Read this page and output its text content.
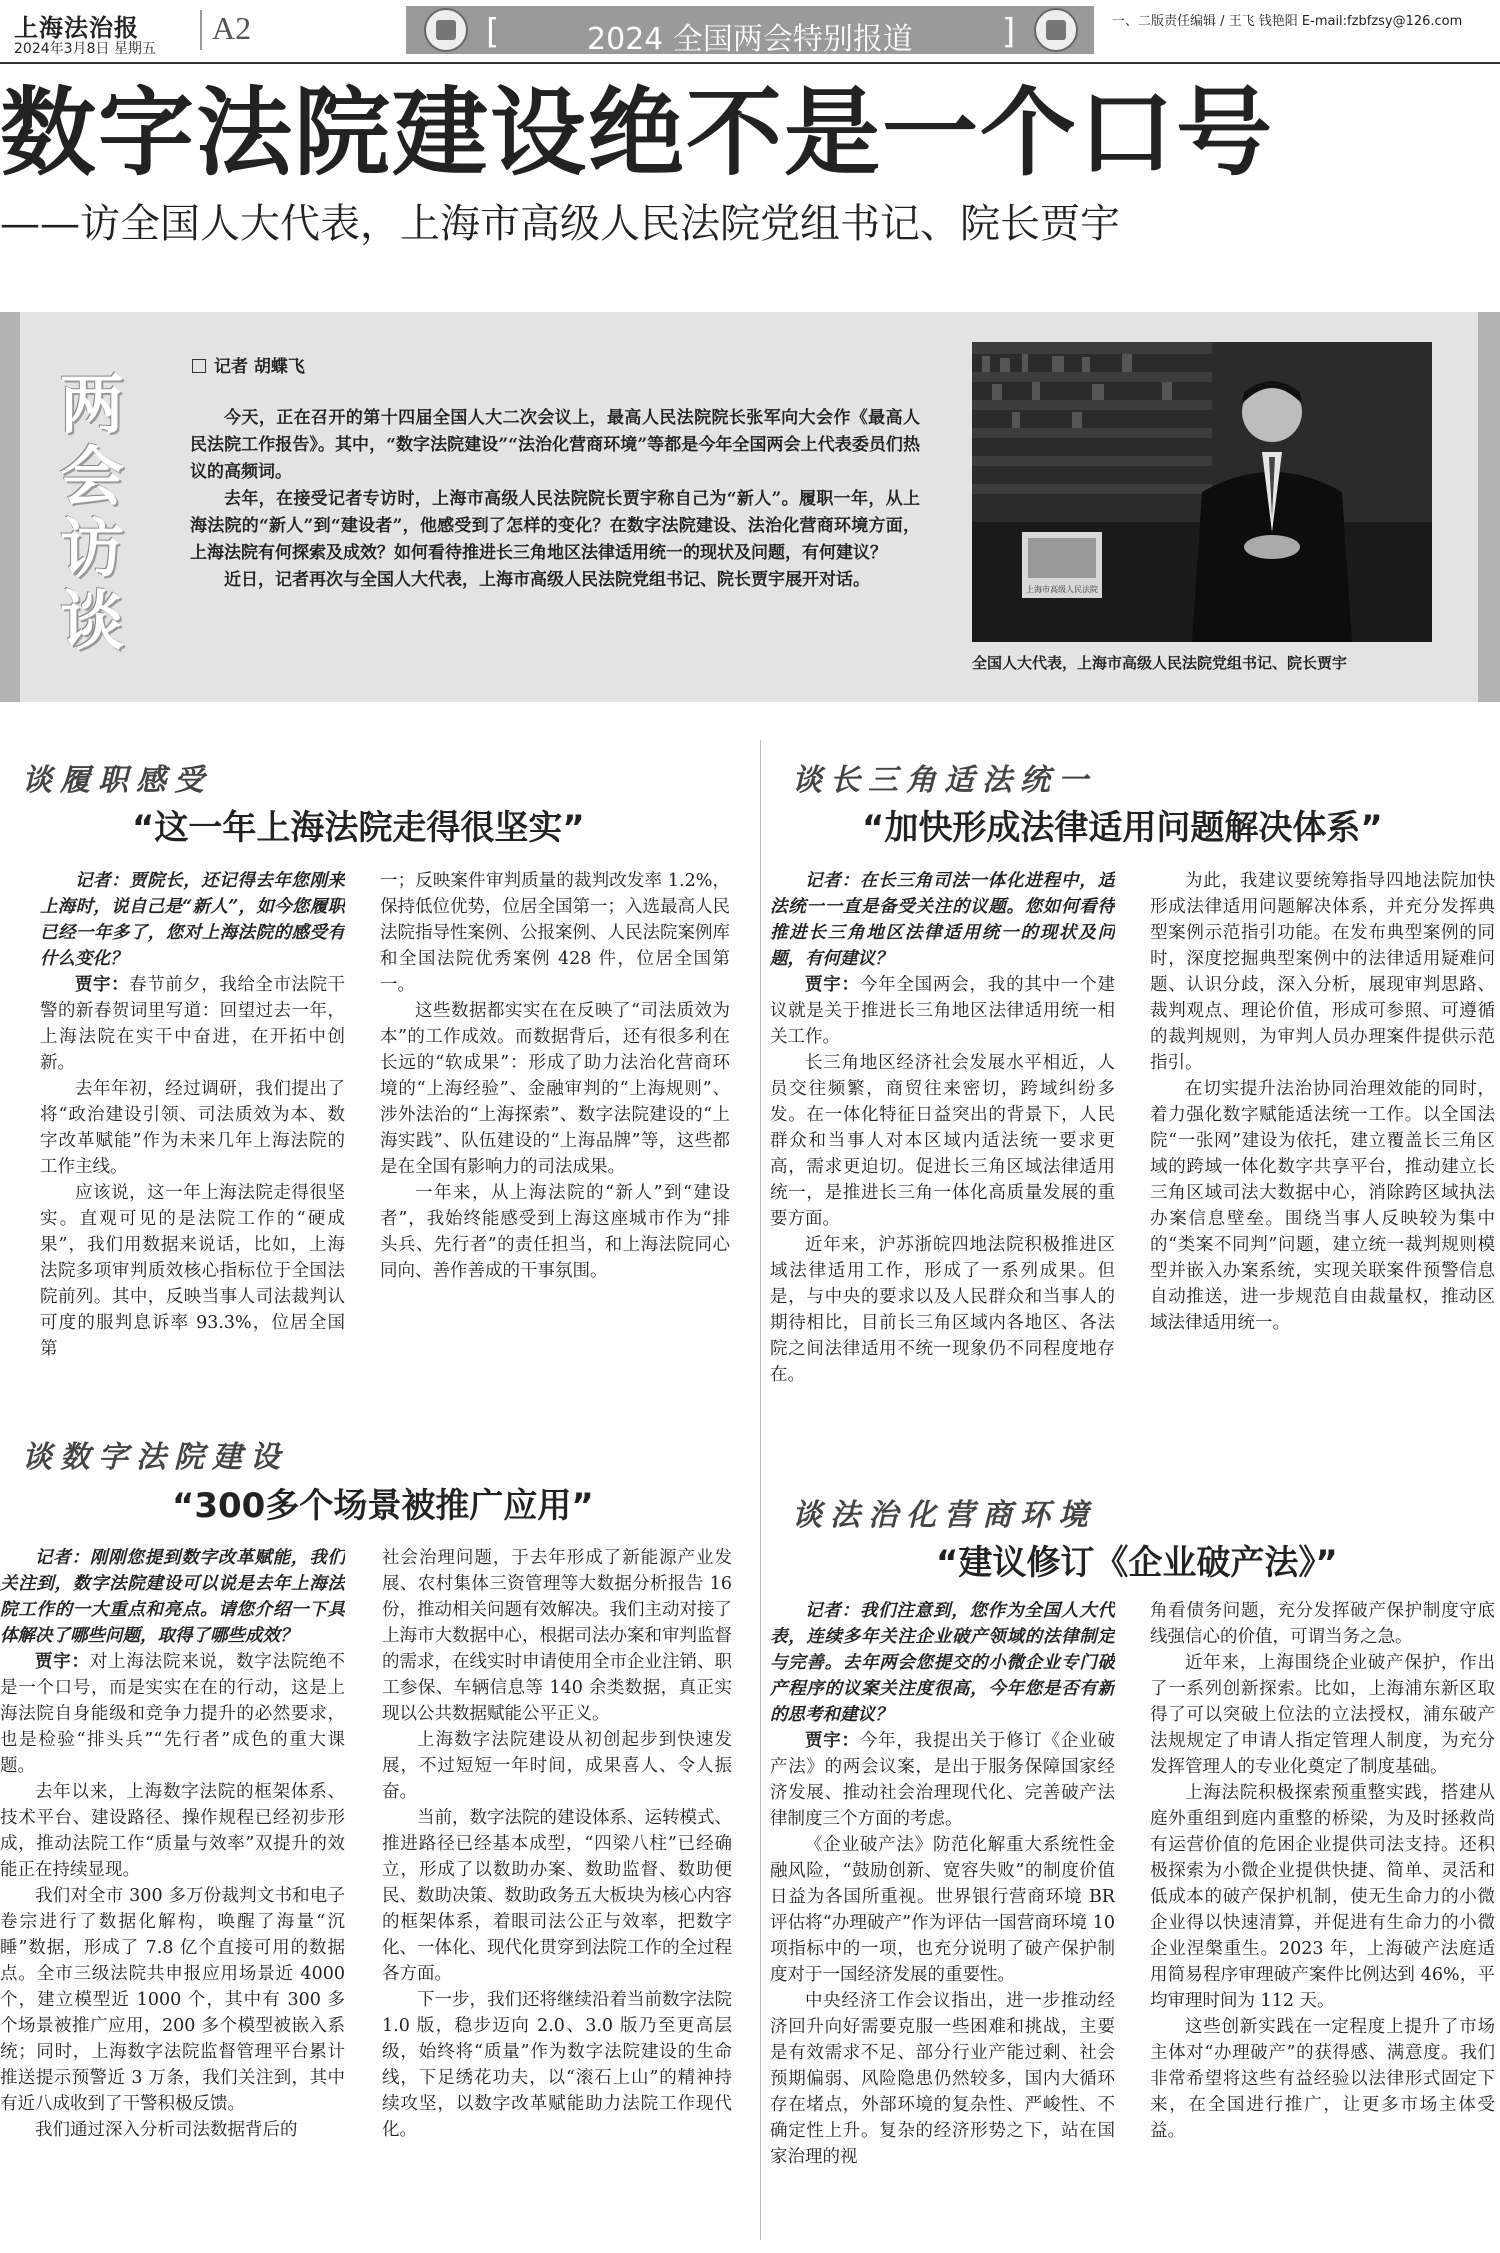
上海法治报
2024年3月8日 星期五
A2	[	2024 全国两会特别报道	]	一、二版责任编辑 / 王飞 钱艳阳 E-mail:fzbfzsy@126.com
数字法院建设绝不是一个口号
——访全国人大代表，上海市高级人民法院党组书记、院长贾宇
两
会
访
谈
记者 胡蝶飞

今天，正在召开的第十四届全国人大二次会议上，最高人民法院院长张军向大会作《最高人民法院工作报告》。其中，“数字法院建设”“法治化营商环境”等都是今年全国两会上代表委员们热议的高频词。

去年，在接受记者专访时，上海市高级人民法院院长贾宇称自己为“新人”。履职一年，从上海法院的“新人”到“建设者”，他感受到了怎样的变化？在数字法院建设、法治化营商环境方面，上海法院有何探索及成效？如何看待推进长三角地区法律适用统一的现状及问题，有何建议？

近日，记者再次与全国人大代表，上海市高级人民法院党组书记、院长贾宇展开对话。	上海市高级人民法院
全国人大代表，上海市高级人民法院党组书记、院长贾宇
谈履职感受
“这一年上海法院走得很坚实”

记者：贾院长，还记得去年您刚来上海时，说自己是“新人”，如今您履职已经一年多了，您对上海法院的感受有什么变化？

贾宇：春节前夕，我给全市法院干警的新春贺词里写道：回望过去一年，上海法院在实干中奋进，在开拓中创新。

去年年初，经过调研，我们提出了将“政治建设引领、司法质效为本、数字改革赋能”作为未来几年上海法院的工作主线。

应该说，这一年上海法院走得很坚实。直观可见的是法院工作的“硬成果”，我们用数据来说话，比如，上海法院多项审判质效核心指标位于全国法院前列。其中，反映当事人司法裁判认可度的服判息诉率 93.3%，位居全国第

一；反映案件审判质量的裁判改发率 1.2%，保持低位优势，位居全国第一；入选最高人民法院指导性案例、公报案例、人民法院案例库和全国法院优秀案例 428 件，位居全国第一。

这些数据都实实在在反映了“司法质效为本”的工作成效。而数据背后，还有很多利在长远的“软成果”：形成了助力法治化营商环境的“上海经验”、金融审判的“上海规则”、涉外法治的“上海探索”、数字法院建设的“上海实践”、队伍建设的“上海品牌”等，这些都是在全国有影响力的司法成果。

一年来，从上海法院的“新人”到“建设者”，我始终能感受到上海这座城市作为“排头兵、先行者”的责任担当，和上海法院同心同向、善作善成的干事氛围。

谈长三角适法统一
“加快形成法律适用问题解决体系”

记者：在长三角司法一体化进程中，适法统一一直是备受关注的议题。您如何看待推进长三角地区法律适用统一的现状及问题，有何建议？

贾宇：今年全国两会，我的其中一个建议就是关于推进长三角地区法律适用统一相关工作。

长三角地区经济社会发展水平相近，人员交往频繁，商贸往来密切，跨域纠纷多发。在一体化特征日益突出的背景下，人民群众和当事人对本区域内适法统一要求更高，需求更迫切。促进长三角区域法律适用统一，是推进长三角一体化高质量发展的重要方面。

近年来，沪苏浙皖四地法院积极推进区域法律适用工作，形成了一系列成果。但是，与中央的要求以及人民群众和当事人的期待相比，目前长三角区域内各地区、各法院之间法律适用不统一现象仍不同程度地存在。

为此，我建议要统筹指导四地法院加快形成法律适用问题解决体系，并充分发挥典型案例示范指引功能。在发布典型案例的同时，深度挖掘典型案例中的法律适用疑难问题、认识分歧，深入分析，展现审判思路、裁判观点、理论价值，形成可参照、可遵循的裁判规则，为审判人员办理案件提供示范指引。

在切实提升法治协同治理效能的同时，着力强化数字赋能适法统一工作。以全国法院“一张网”建设为依托，建立覆盖长三角区域的跨域一体化数字共享平台，推动建立长三角区域司法大数据中心，消除跨区域执法办案信息壁垒。围绕当事人反映较为集中的“类案不同判”问题，建立统一裁判规则模型并嵌入办案系统，实现关联案件预警信息自动推送，进一步规范自由裁量权，推动区域法律适用统一。

谈数字法院建设
“300多个场景被推广应用”

记者：刚刚您提到数字改革赋能，我们关注到，数字法院建设可以说是去年上海法院工作的一大重点和亮点。请您介绍一下具体解决了哪些问题，取得了哪些成效？

贾宇：对上海法院来说，数字法院绝不是一个口号，而是实实在在的行动，这是上海法院自身能级和竞争力提升的必然要求，也是检验“排头兵”“先行者”成色的重大课题。

去年以来，上海数字法院的框架体系、技术平台、建设路径、操作规程已经初步形成，推动法院工作“质量与效率”双提升的效能正在持续显现。

我们对全市 300 多万份裁判文书和电子卷宗进行了数据化解构，唤醒了海量“沉睡”数据，形成了 7.8 亿个直接可用的数据点。全市三级法院共申报应用场景近 4000 个，建立模型近 1000 个，其中有 300 多个场景被推广应用，200 多个模型被嵌入系统；同时，上海数字法院监督管理平台累计推送提示预警近 3 万条，我们关注到，其中有近八成收到了干警积极反馈。

我们通过深入分析司法数据背后的

社会治理问题，于去年形成了新能源产业发展、农村集体三资管理等大数据分析报告 16 份，推动相关问题有效解决。我们主动对接了上海市大数据中心，根据司法办案和审判监督的需求，在线实时申请使用全市企业注销、职工参保、车辆信息等 140 余类数据，真正实现以公共数据赋能公平正义。

上海数字法院建设从初创起步到快速发展，不过短短一年时间，成果喜人、令人振奋。

当前，数字法院的建设体系、运转模式、推进路径已经基本成型，“四梁八柱”已经确立，形成了以数助办案、数助监督、数助便民、数助决策、数助政务五大板块为核心内容的框架体系，着眼司法公正与效率，把数字化、一体化、现代化贯穿到法院工作的全过程各方面。

下一步，我们还将继续沿着当前数字法院 1.0 版，稳步迈向 2.0、3.0 版乃至更高层级，始终将“质量”作为数字法院建设的生命线，下足绣花功夫，以“滚石上山”的精神持续攻坚，以数字改革赋能助力法院工作现代化。

谈法治化营商环境
“建议修订《企业破产法》”

记者：我们注意到，您作为全国人大代表，连续多年关注企业破产领域的法律制定与完善。去年两会您提交的小微企业专门破产程序的议案关注度很高，今年您是否有新的思考和建议？

贾宇：今年，我提出关于修订《企业破产法》的两会议案，是出于服务保障国家经济发展、推动社会治理现代化、完善破产法律制度三个方面的考虑。

《企业破产法》防范化解重大系统性金融风险，“鼓励创新、宽容失败”的制度价值日益为各国所重视。世界银行营商环境 BR 评估将“办理破产”作为评估一国营商环境 10 项指标中的一项，也充分说明了破产保护制度对于一国经济发展的重要性。

中央经济工作会议指出，进一步推动经济回升向好需要克服一些困难和挑战，主要是有效需求不足、部分行业产能过剩、社会预期偏弱、风险隐患仍然较多，国内大循环存在堵点，外部环境的复杂性、严峻性、不确定性上升。复杂的经济形势之下，站在国家治理的视

角看债务问题，充分发挥破产保护制度守底线强信心的价值，可谓当务之急。

近年来，上海围绕企业破产保护，作出了一系列创新探索。比如，上海浦东新区取得了可以突破上位法的立法授权，浦东破产法规规定了申请人指定管理人制度，为充分发挥管理人的专业化奠定了制度基础。

上海法院积极探索预重整实践，搭建从庭外重组到庭内重整的桥梁，为及时拯救尚有运营价值的危困企业提供司法支持。还积极探索为小微企业提供快捷、简单、灵活和低成本的破产保护机制，使无生命力的小微企业得以快速清算，并促进有生命力的小微企业涅槃重生。2023 年，上海破产法庭适用简易程序审理破产案件比例达到 46%，平均审理时间为 112 天。

这些创新实践在一定程度上提升了市场主体对“办理破产”的获得感、满意度。我们非常希望将这些有益经验以法律形式固定下来，在全国进行推广，让更多市场主体受益。
